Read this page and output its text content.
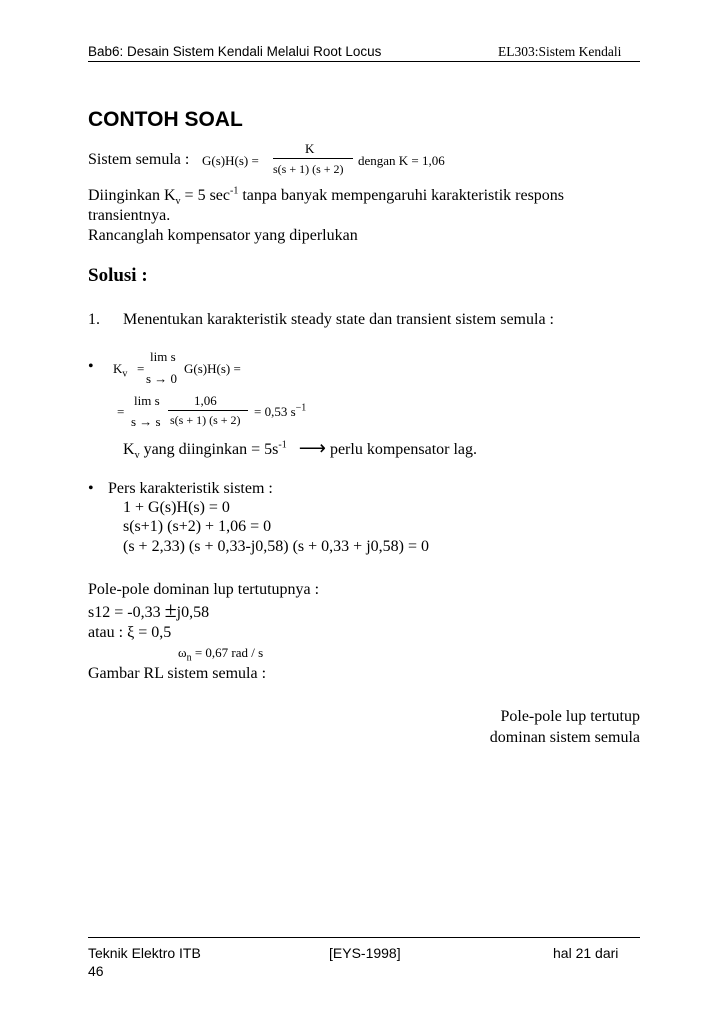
Bab6: Desain Sistem Kendali Melalui Root Locus	EL303:Sistem Kendali
CONTOH SOAL
Sistem semula : G(s)H(s) =
K
s(s + 1) (s + 2)
dengan K = 1,06
Diinginkan $K_v = 5$ $\sec^{-1}$ tanpa banyak mempengaruhi karakteristik respons
transientnya.
Rancanglah kompensator yang diperlukan
Solusi :
1. Menentukan karakteristik steady state dan transient sistem semula :
• $K_v$ =
lim s
s → 0
G(s)H(s) =
=
lim s
s → s
1,06
s(s + 1) (s + 2)
= 0,53 $s^{-1}$
$K_v$ yang diinginkan = $5s^{-1}$ ⟶ perlu kompensator lag.
• Pers karakteristik sistem :
1 + G(s)H(s) = 0
s(s+1) (s+2) + 1,06 = 0
(s + 2,33) (s + 0,33-j0,58) (s + 0,33 + j0,58) = 0
Pole-pole dominan lup tertutupnya :
s12 = -0,33 ±j0,58
atau : ξ = 0,5
$\omega_n = 0,67$ rad / s
Gambar RL sistem semula :
Pole-pole lup tertutup
dominan sistem semula
Teknik Elektro ITB	[EYS-1998]	hal 21 dari
46
